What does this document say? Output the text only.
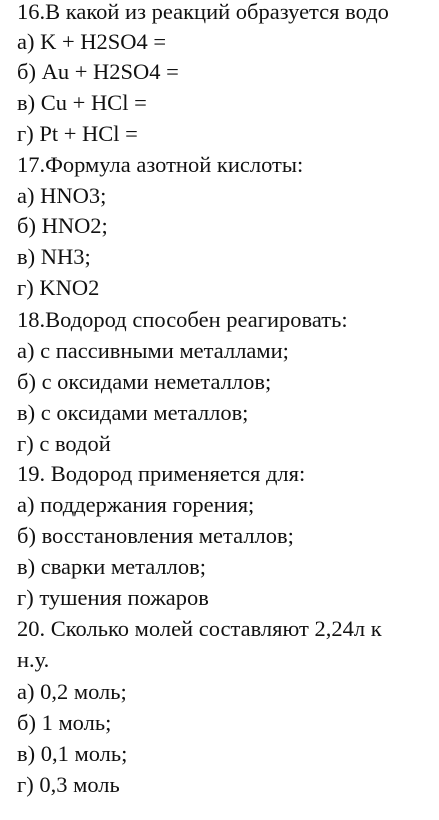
16.В какой из реакций образуется водо
а) K + H2SO4 =
б) Au + H2SO4 =
в) Cu + HCl =
г) Pt + HCl =
17.Формула азотной кислоты:
а) HNO3;
б) HNO2;
в) NH3;
г) KNO2
18.Водород способен реагировать:
а) с пассивными металлами;
б) с оксидами неметаллов;
в) с оксидами металлов;
г) с водой
19. Водород применяется для:
а) поддержания горения;
б) восстановления металлов;
в) сварки металлов;
г) тушения пожаров
20. Сколько молей составляют 2,24л к
н.у.
а) 0,2 моль;
б) 1 моль;
в) 0,1 моль;
г) 0,3 моль
